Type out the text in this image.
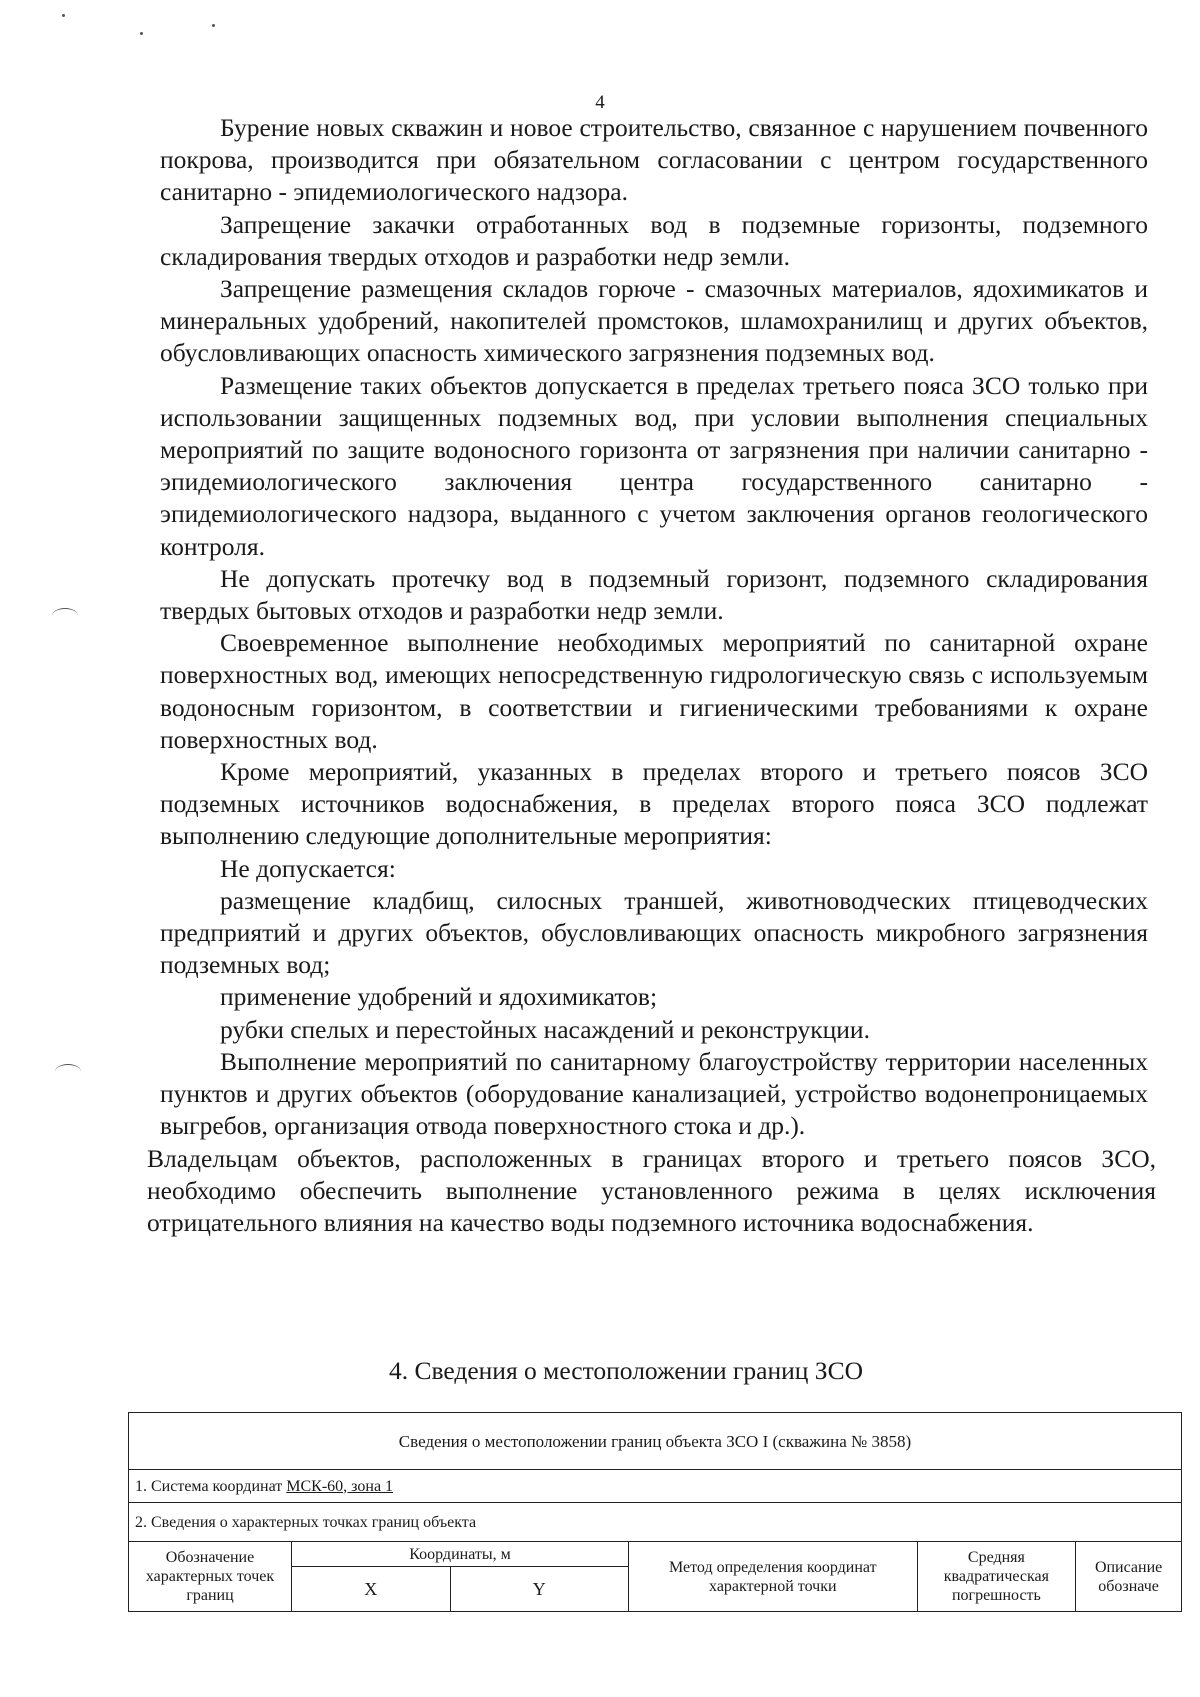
4

Бурение новых скважин и новое строительство, связанное с нарушением почвенного покрова, производится при обязательном согласовании с центром государственного санитарно - эпидемиологического надзора.

Запрещение закачки отработанных вод в подземные горизонты, подземного складирования твердых отходов и разработки недр земли.

Запрещение размещения складов горюче - смазочных материалов, ядохимикатов и минеральных удобрений, накопителей промстоков, шламохранилищ и других объектов, обусловливающих опасность химического загрязнения подземных вод.

Размещение таких объектов допускается в пределах третьего пояса ЗСО только при использовании защищенных подземных вод, при условии выполнения специальных мероприятий по защите водоносного горизонта от загрязнения при наличии санитарно - эпидемиологического заключения центра государственного санитарно - эпидемиологического надзора, выданного с учетом заключения органов геологического контроля.

Не допускать протечку вод в подземный горизонт, подземного складирования твердых бытовых отходов и разработки недр земли.

Своевременное выполнение необходимых мероприятий по санитарной охране поверхностных вод, имеющих непосредственную гидрологическую связь с используемым водоносным горизонтом, в соответствии и гигиеническими требованиями к охране поверхностных вод.

Кроме мероприятий, указанных в пределах второго и третьего поясов ЗСО подземных источников водоснабжения, в пределах второго пояса ЗСО подлежат выполнению следующие дополнительные мероприятия:

Не допускается:

размещение кладбищ, силосных траншей, животноводческих птицеводческих предприятий и других объектов, обусловливающих опасность микробного загрязнения подземных вод;

применение удобрений и ядохимикатов;

рубки спелых и перестойных насаждений и реконструкции.

Выполнение мероприятий по санитарному благоустройству территории населенных пунктов и других объектов (оборудование канализацией, устройство водонепроницаемых выгребов, организация отвода поверхностного стока и др.).

Владельцам объектов, расположенных в границах второго и третьего поясов ЗСО, необходимо обеспечить выполнение установленного режима в целях исключения отрицательного влияния на качество воды подземного источника водоснабжения.

4. Сведения о местоположении границ ЗСО
Сведения о местоположении границ объекта ЗСО I (скважина № 3858)					
1. Система координат МСК-60, зона 1					
2. Сведения о характерных точках границ объекта					
Обозначение характерных точек границ	Координаты, м		Метод определения координат характерной точки	Средняя квадратическая погрешность	Описание обозначе
	X	Y			
